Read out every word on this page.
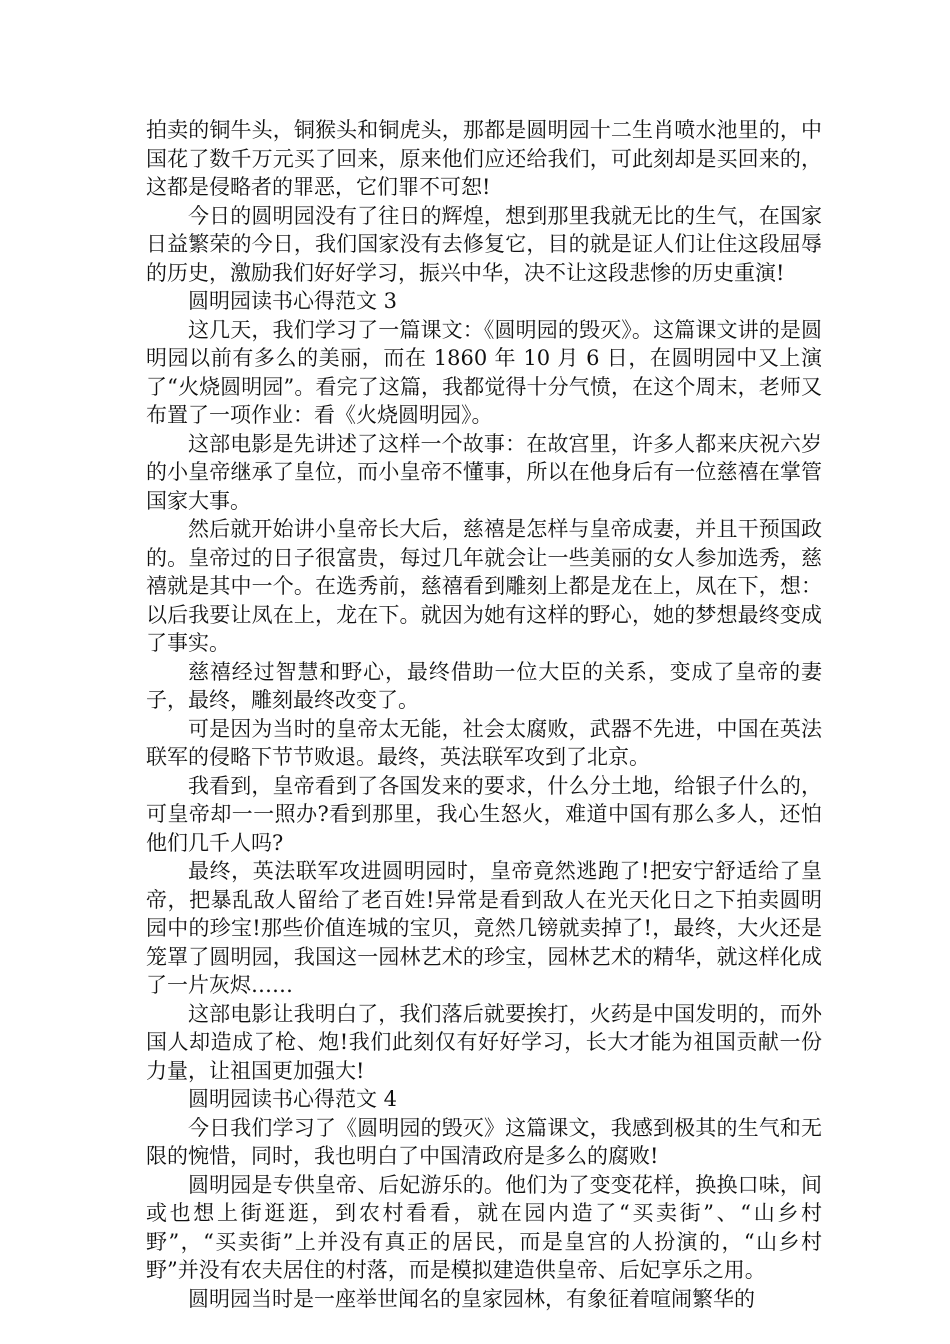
拍卖的铜牛头，铜猴头和铜虎头，那都是圆明园十二生肖喷水池里的，中国花了数千万元买了回来，原来他们应还给我们，可此刻却是买回来的，这都是侵略者的罪恶，它们罪不可恕!

今日的圆明园没有了往日的辉煌，想到那里我就无比的生气，在国家日益繁荣的今日，我们国家没有去修复它，目的就是证人们让住这段屈辱的历史，激励我们好好学习，振兴中华，决不让这段悲惨的历史重演!

圆明园读书心得范文 3

这几天，我们学习了一篇课文：《圆明园的毁灭》。这篇课文讲的是圆明园以前有多么的美丽，而在 1860 年 10 月 6 日，在圆明园中又上演了“火烧圆明园”。看完了这篇，我都觉得十分气愤，在这个周末，老师又布置了一项作业：看《火烧圆明园》。

这部电影是先讲述了这样一个故事：在故宫里，许多人都来庆祝六岁的小皇帝继承了皇位，而小皇帝不懂事，所以在他身后有一位慈禧在掌管国家大事。

然后就开始讲小皇帝长大后，慈禧是怎样与皇帝成妻，并且干预国政的。皇帝过的日子很富贵，每过几年就会让一些美丽的女人参加选秀，慈禧就是其中一个。在选秀前，慈禧看到雕刻上都是龙在上，凤在下，想：以后我要让凤在上，龙在下。就因为她有这样的野心，她的梦想最终变成了事实。

慈禧经过智慧和野心，最终借助一位大臣的关系，变成了皇帝的妻子，最终，雕刻最终改变了。

可是因为当时的皇帝太无能，社会太腐败，武器不先进，中国在英法联军的侵略下节节败退。最终，英法联军攻到了北京。

我看到，皇帝看到了各国发来的要求，什么分土地，给银子什么的，可皇帝却一一照办?看到那里，我心生怒火，难道中国有那么多人，还怕他们几千人吗?

最终，英法联军攻进圆明园时，皇帝竟然逃跑了!把安宁舒适给了皇帝，把暴乱敌人留给了老百姓!异常是看到敌人在光天化日之下拍卖圆明园中的珍宝!那些价值连城的宝贝，竟然几镑就卖掉了!，最终，大火还是笼罩了圆明园，我国这一园林艺术的珍宝，园林艺术的精华，就这样化成了一片灰烬……

这部电影让我明白了，我们落后就要挨打，火药是中国发明的，而外国人却造成了枪、炮!我们此刻仅有好好学习，长大才能为祖国贡献一份力量，让祖国更加强大!

圆明园读书心得范文 4

今日我们学习了《圆明园的毁灭》这篇课文，我感到极其的生气和无限的惋惜，同时，我也明白了中国清政府是多么的腐败!

圆明园是专供皇帝、后妃游乐的。他们为了变变花样，换换口味，间或也想上街逛逛，到农村看看，就在园内造了“买卖街”、“山乡村野”，“买卖街”上并没有真正的居民，而是皇宫的人扮演的，“山乡村野”并没有农夫居住的村落，而是模拟建造供皇帝、后妃享乐之用。

圆明园当时是一座举世闻名的皇家园林，有象征着喧闹繁华的
